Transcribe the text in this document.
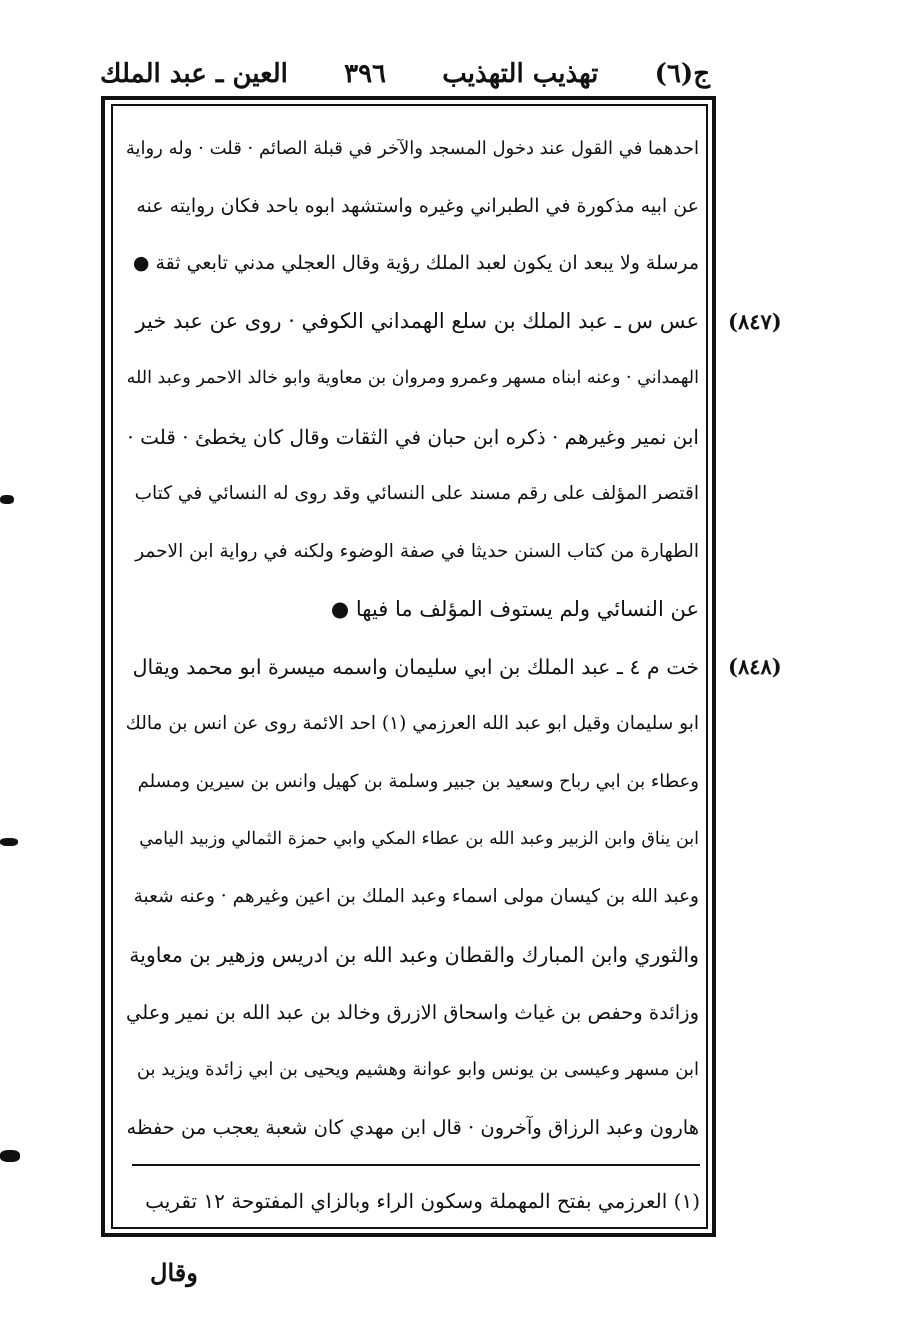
ج(٦)
تهذيب التهذيب
٣٩٦
العين ـ عبد الملك
احدهما في القول عند دخول المسجد والآخر في قبلة الصائم · قلت · وله رواية
عن ابيه مذكورة في الطبراني وغيره واستشهد ابوه باحد فكان روايته عنه
مرسلة ولا يبعد ان يكون لعبد الملك رؤية وقال العجلي مدني تابعي ثقة ●
عس س ـ عبد الملك بن سلع الهمداني الكوفي · روى عن عبد خير
الهمداني · وعنه ابناه مسهر وعمرو ومروان بن معاوية وابو خالد الاحمر وعبد الله
ابن نمير وغيرهم · ذكره ابن حبان في الثقات وقال كان يخطئ · قلت ·
اقتصر المؤلف على رقم مسند على النسائي وقد روى له النسائي في كتاب
الطهارة من كتاب السنن حديثا في صفة الوضوء ولكنه في رواية ابن الاحمر
عن النسائي ولم يستوف المؤلف ما فيها ●
خت م ٤ ـ عبد الملك بن ابي سليمان واسمه ميسرة ابو محمد ويقال
ابو سليمان وقيل ابو عبد الله العرزمي (١) احد الائمة روى عن انس بن مالك
وعطاء بن ابي رباح وسعيد بن جبير وسلمة بن كهيل وانس بن سيرين ومسلم
ابن يناق وابن الزبير وعبد الله بن عطاء المكي وابي حمزة الثمالي وزبيد اليامي
وعبد الله بن كيسان مولى اسماء وعبد الملك بن اعين وغيرهم · وعنه شعبة
والثوري وابن المبارك والقطان وعبد الله بن ادريس وزهير بن معاوية
وزائدة وحفص بن غياث واسحاق الازرق وخالد بن عبد الله بن نمير وعلي
ابن مسهر وعيسى بن يونس وابو عوانة وهشيم ويحيى بن ابي زائدة ويزيد بن
هارون وعبد الرزاق وآخرون · قال ابن مهدي كان شعبة يعجب من حفظه
(٨٤٧)
(٨٤٨)
(١) العرزمي بفتح المهملة وسكون الراء وبالزاي المفتوحة ١٢ تقريب
وقال
